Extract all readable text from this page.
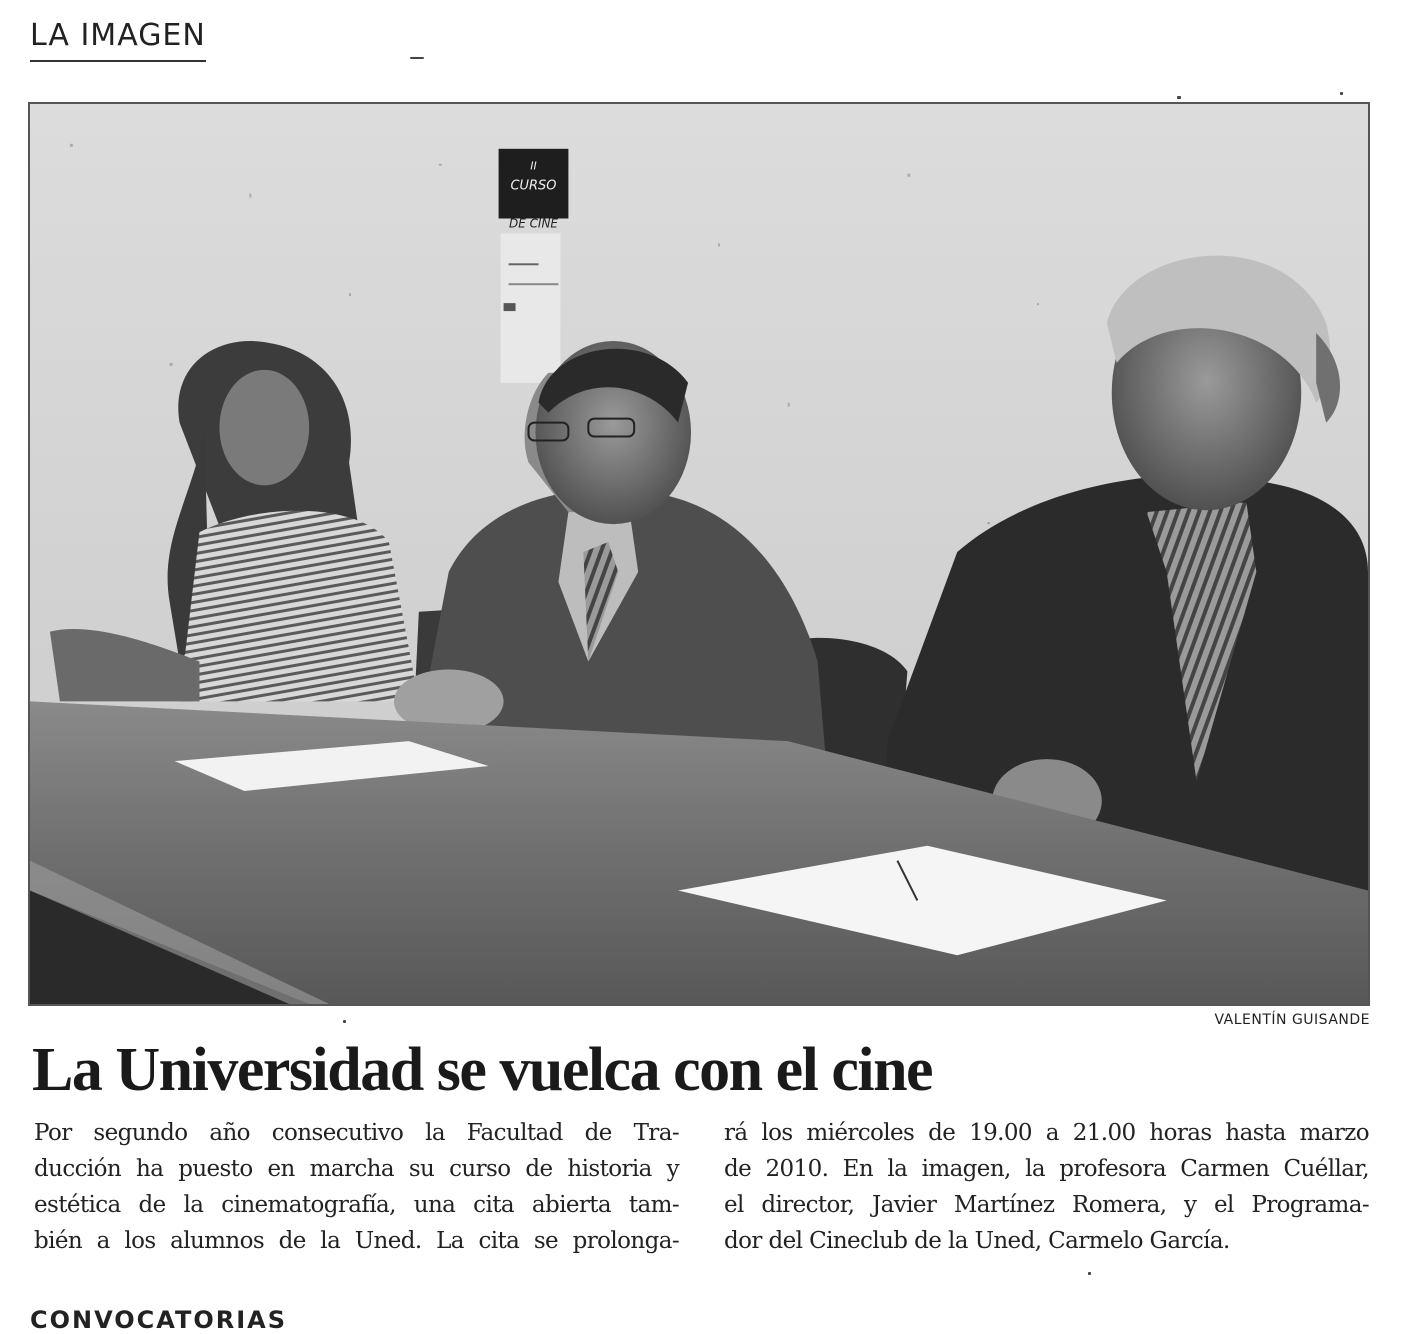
LA IMAGEN
II
CURSO
DE CINE
VALENTÍN GUISANDE
La Universidad se vuelca con el cine
Por segundo año consecutivo la Facultad de Tra-
ducción ha puesto en marcha su curso de historia y
estética de la cinematografía, una cita abierta tam-
bién a los alumnos de la Uned. La cita se prolonga-
rá los miércoles de 19.00 a 21.00 horas hasta marzo
de 2010. En la imagen, la profesora Carmen Cuéllar,
el director, Javier Martínez Romera, y el Programa-
dor del Cineclub de la Uned, Carmelo García.
CONVOCATORIAS
